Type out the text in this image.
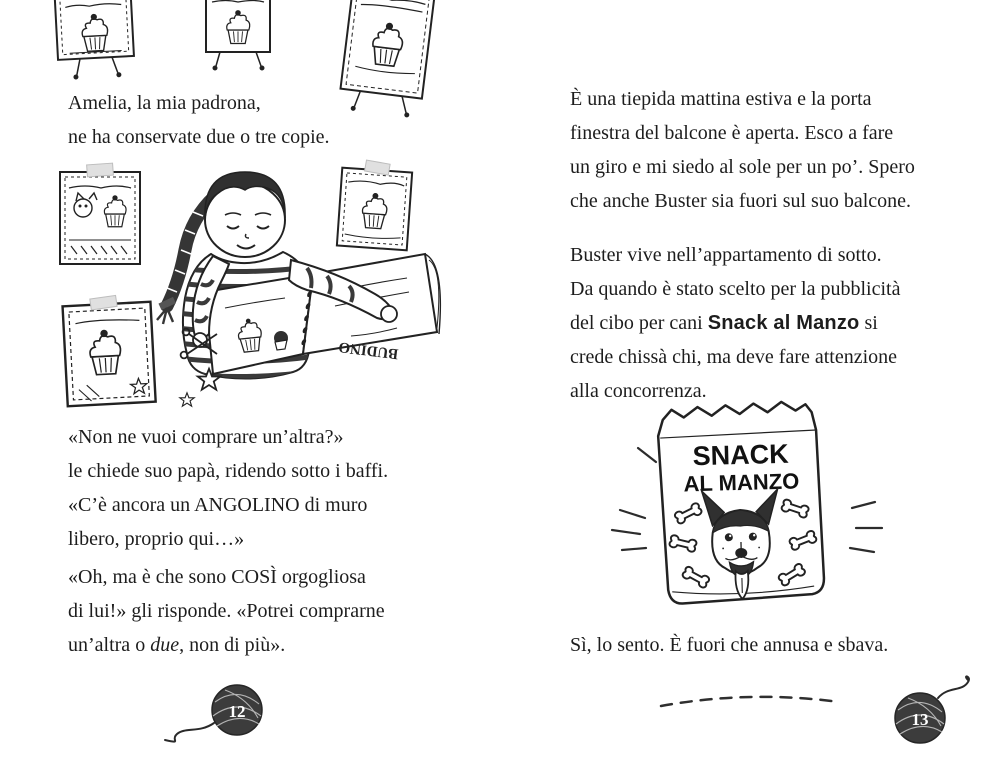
Amelia, la mia padrona,
ne ha conservate due o tre copie.
BUDINO
«Non ne vuoi comprare un’altra?»
le chiede suo papà, ridendo sotto i baffi.
«C’è ancora un ANGOLINO di muro
libero, proprio qui…»
«Oh, ma è che sono COSÌ orgogliosa
di lui!» gli risponde. «Potrei comprarne
un’altra o due, non di più».
12
È una tiepida mattina estiva e la porta
finestra del balcone è aperta. Esco a fare
un giro e mi siedo al sole per un po’. Spero
che anche Buster sia fuori sul suo balcone.
Buster vive nell’appartamento di sotto.
Da quando è stato scelto per la pubblicità
del cibo per cani Snack al Manzo si
crede chissà chi, ma deve fare attenzione
alla concorrenza.
SNACK
AL MANZO
Sì, lo sento. È fuori che annusa e sbava.
13
